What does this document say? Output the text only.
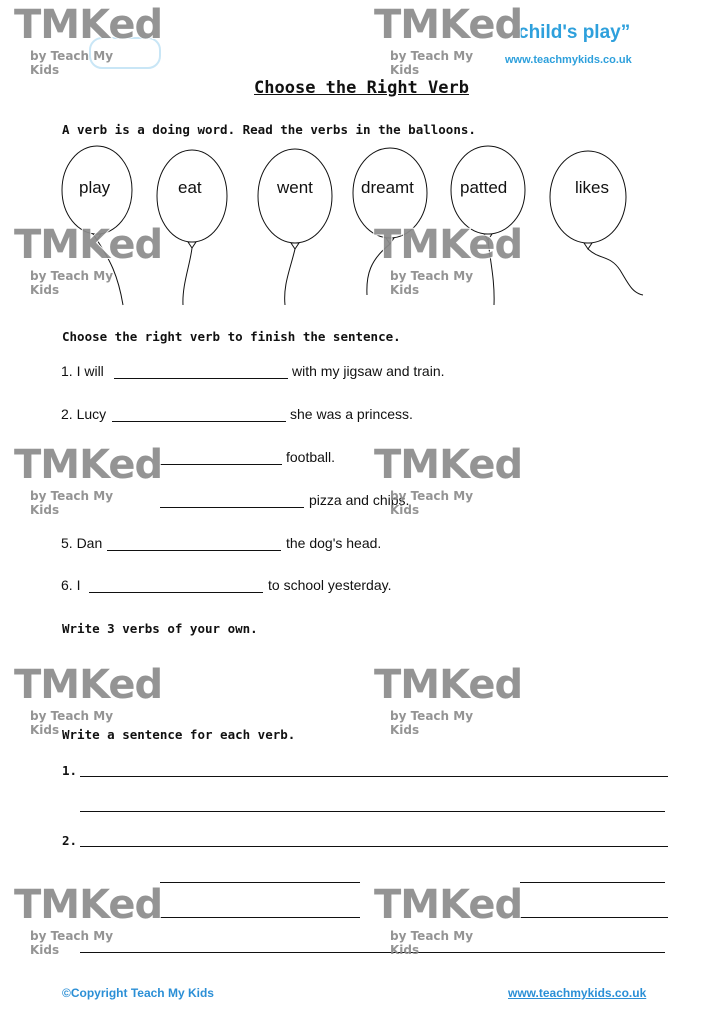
child's play”
www.teachmykids.co.uk
Choose the Right Verb
A verb is a doing word. Read the verbs in the balloons.
play	eat	went	dreamt	patted	likes
Choose the right verb to finish the sentence.
1. I will	with my jigsaw and train.
2. Lucy	she was a princess.
football.
pizza and chips.
5. Dan	the dog's head.
6. I	to school yesterday.
Write 3 verbs of your own.
Write a sentence for each verb.
1.
2.
©Copyright Teach My Kids	www.teachmykids.co.uk
TMKed
by Teach My Kids
TMKed
by Teach My Kids
TMKed
by Teach My Kids
TMKed
by Teach My Kids
TMKed
by Teach My Kids
TMKed
by Teach My Kids
TMKed
by Teach My Kids
TMKed
by Teach My Kids
TMKed
by Teach My Kids
TMKed
by Teach My Kids
